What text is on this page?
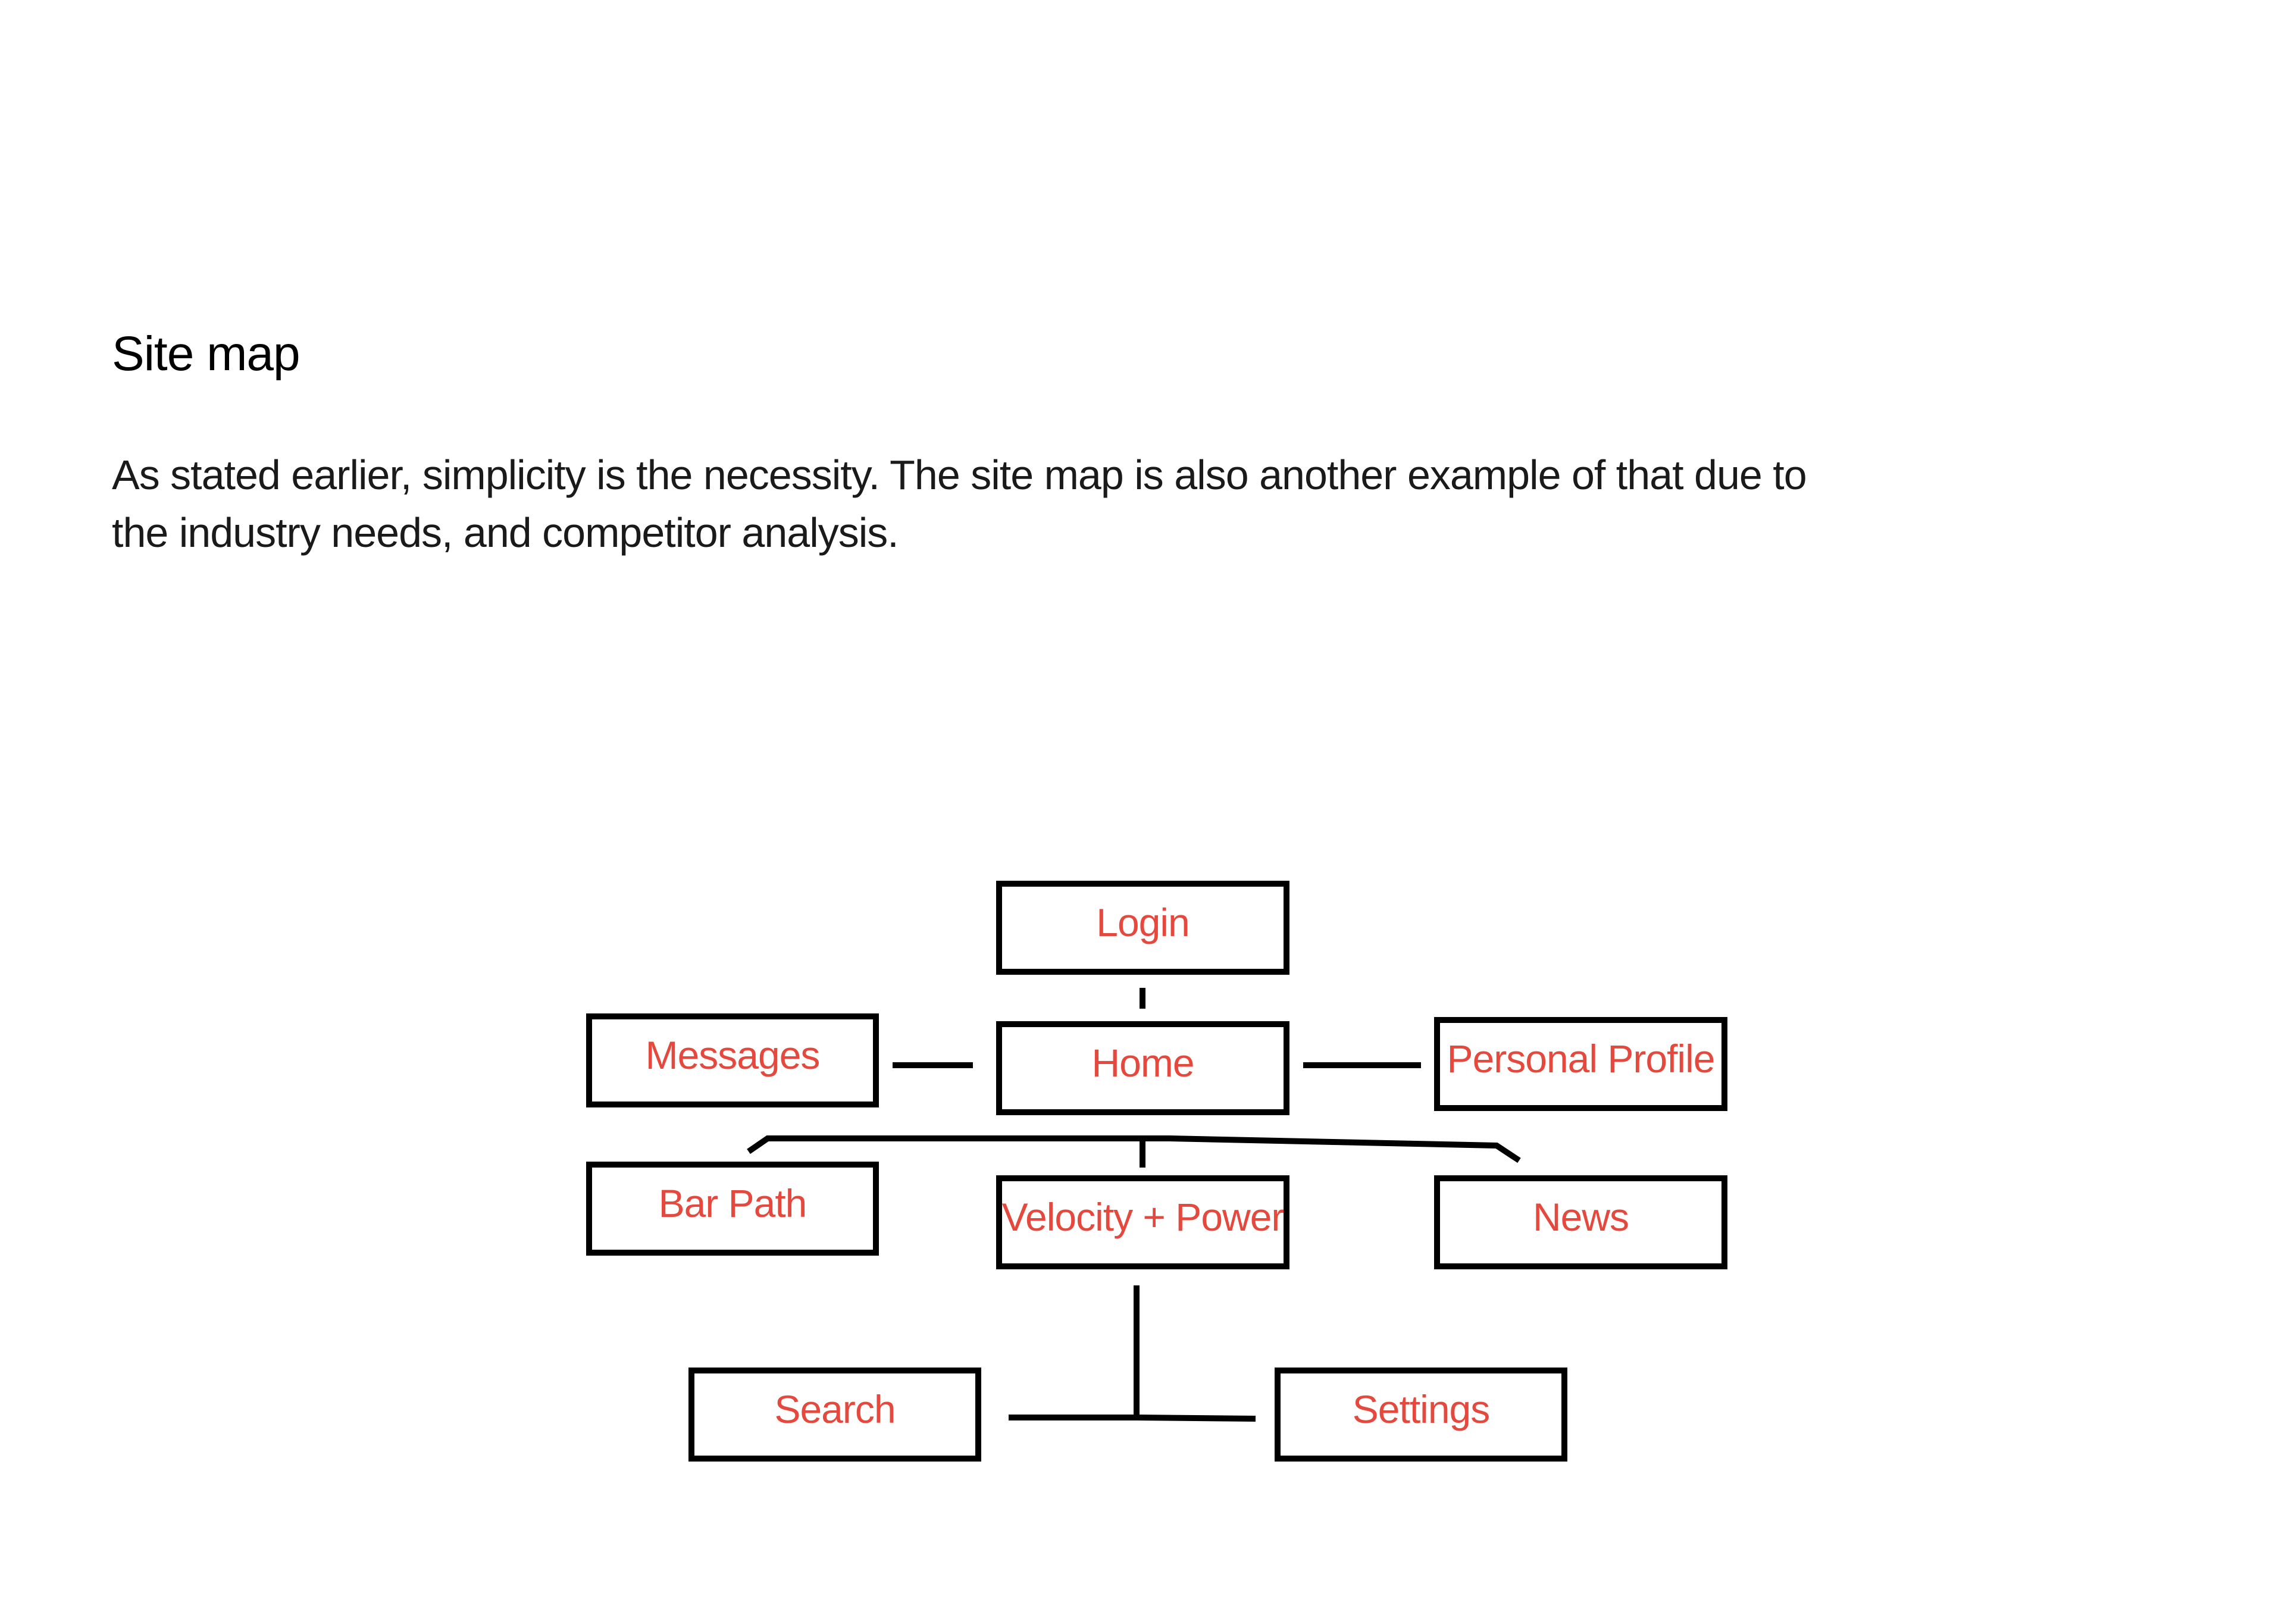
Site map

As stated earlier, simplicity is the necessity. The site map is also another example of that due to
the industry needs, and competitor analysis.

Login
Messages	Home	Personal Profile
Bar Path	Velocity + Power	News
Search	Settings
